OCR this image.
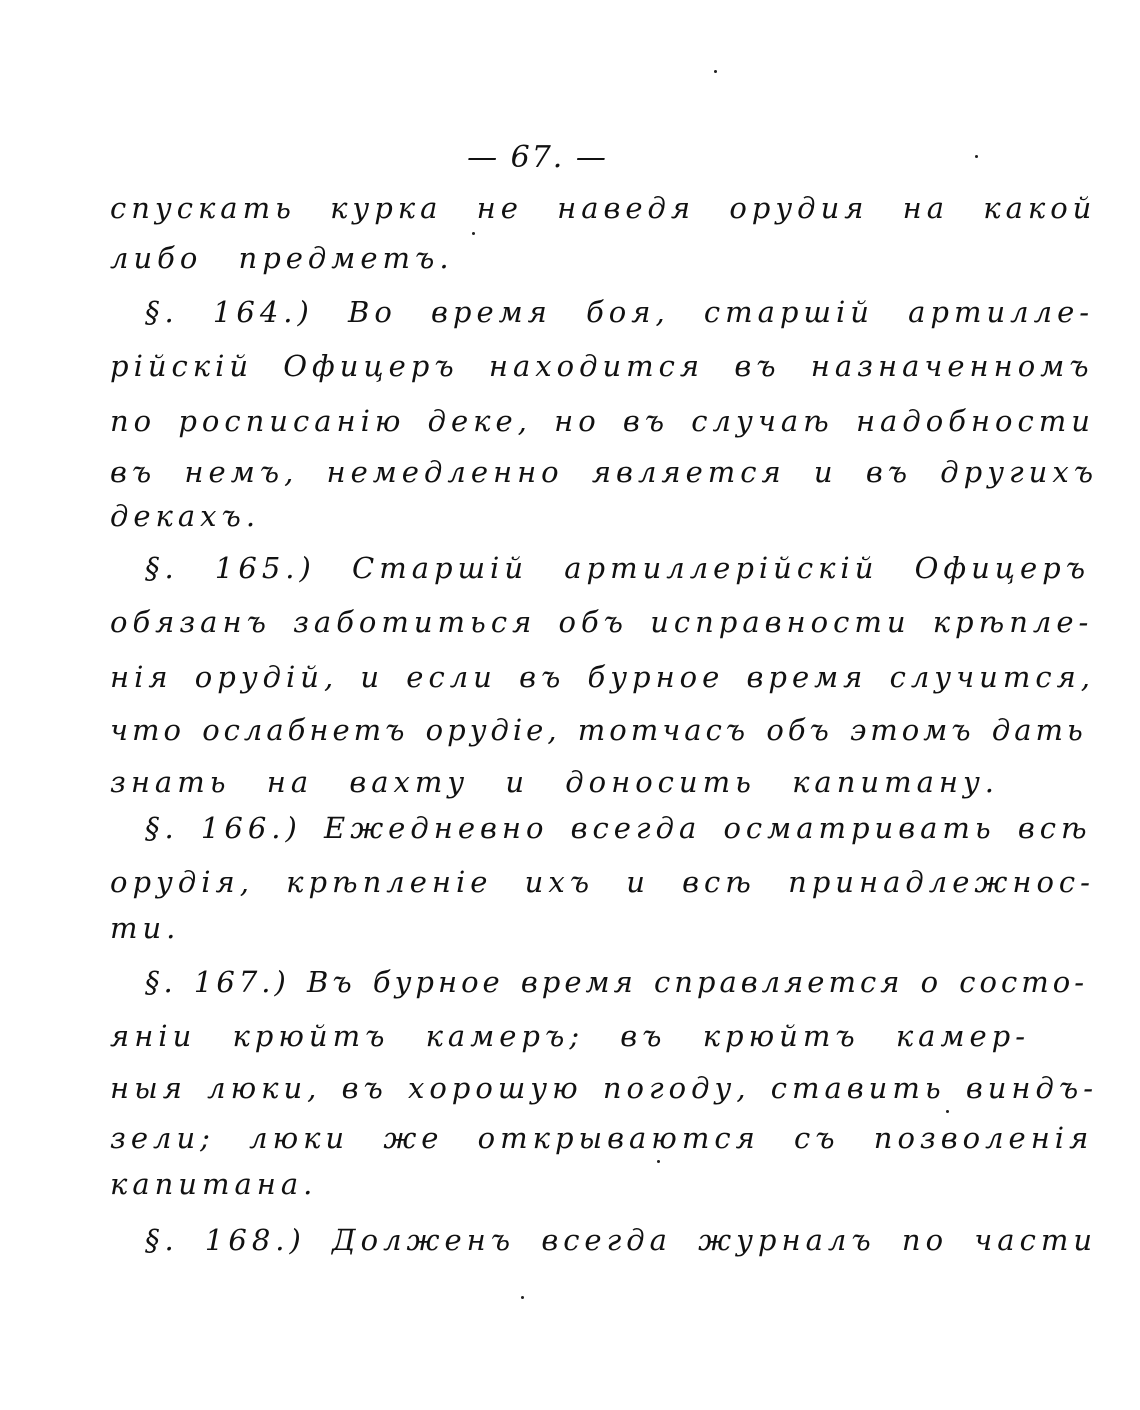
— 67. —
спускать курка не наведя орудия на какой
либо предметъ.
§. 164.) Во время боя, старшій артилле-
рійскій Офицеръ находится въ назначенномъ
по росписанію деке, но въ случаѣ надобности
въ немъ, немедленно является и въ другихъ
декахъ.
§. 165.) Старшій артиллерійскій Офицеръ
обязанъ заботиться объ исправности крѣпле-
нія орудій, и если въ бурное время случится,
что ослабнетъ орудіе, тотчасъ объ этомъ дать
знать на вахту и доносить капитану.
§. 166.) Ежедневно всегда осматривать всѣ
орудія, крѣпленіе ихъ и всѣ принадлежнос-
ти.
§. 167.) Въ бурное время справляется о состо-
яніи крюйтъ камеръ; въ крюйтъ камер-
ныя люки, въ хорошую погоду, ставить виндъ-
зели; люки же открываются съ позволенія
капитана.
§. 168.) Долженъ всегда журналъ по части
